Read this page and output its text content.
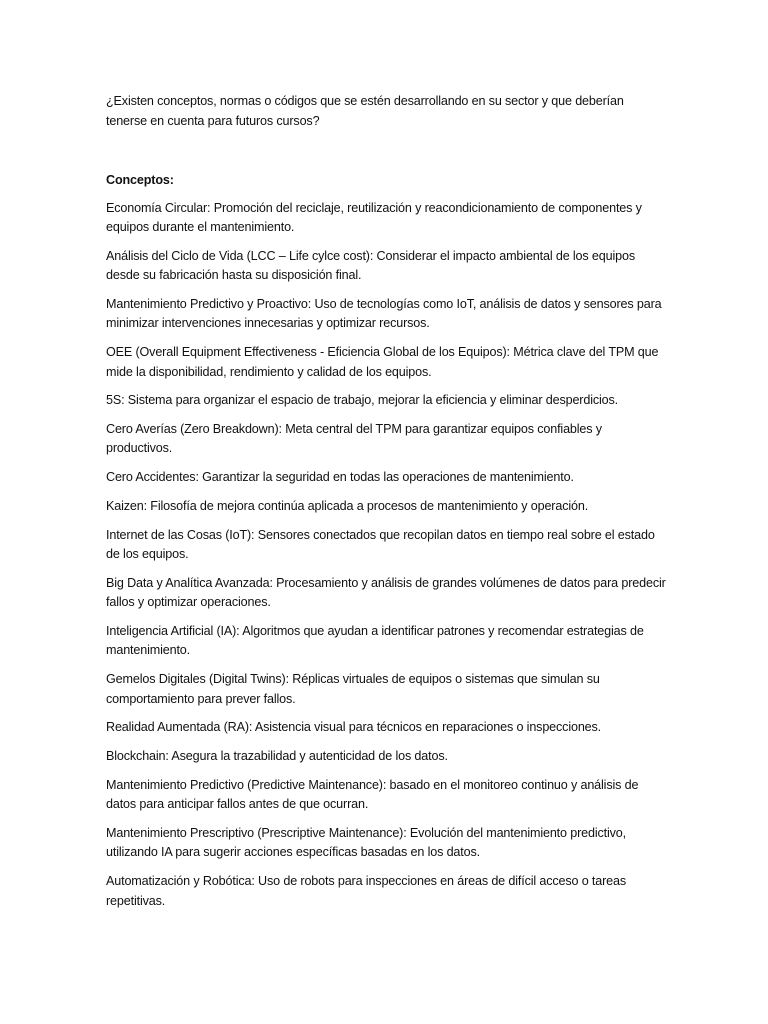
¿Existen conceptos, normas o códigos que se estén desarrollando en su sector y que deberían tenerse en cuenta para futuros cursos?

Conceptos:

Economía Circular: Promoción del reciclaje, reutilización y reacondicionamiento de componentes y equipos durante el mantenimiento.

Análisis del Ciclo de Vida (LCC – Life cylce cost): Considerar el impacto ambiental de los equipos desde su fabricación hasta su disposición final.

Mantenimiento Predictivo y Proactivo: Uso de tecnologías como IoT, análisis de datos y sensores para minimizar intervenciones innecesarias y optimizar recursos.

OEE (Overall Equipment Effectiveness - Eficiencia Global de los Equipos): Métrica clave del TPM que mide la disponibilidad, rendimiento y calidad de los equipos.

5S: Sistema para organizar el espacio de trabajo, mejorar la eficiencia y eliminar desperdicios.

Cero Averías (Zero Breakdown): Meta central del TPM para garantizar equipos confiables y productivos.

Cero Accidentes: Garantizar la seguridad en todas las operaciones de mantenimiento.

Kaizen: Filosofía de mejora continúa aplicada a procesos de mantenimiento y operación.

Internet de las Cosas (IoT): Sensores conectados que recopilan datos en tiempo real sobre el estado de los equipos.

Big Data y Analítica Avanzada: Procesamiento y análisis de grandes volúmenes de datos para predecir fallos y optimizar operaciones.

Inteligencia Artificial (IA): Algoritmos que ayudan a identificar patrones y recomendar estrategias de mantenimiento.

Gemelos Digitales (Digital Twins): Réplicas virtuales de equipos o sistemas que simulan su comportamiento para prever fallos.

Realidad Aumentada (RA): Asistencia visual para técnicos en reparaciones o inspecciones.

Blockchain: Asegura la trazabilidad y autenticidad de los datos.

Mantenimiento Predictivo (Predictive Maintenance): basado en el monitoreo continuo y análisis de datos para anticipar fallos antes de que ocurran.

Mantenimiento Prescriptivo (Prescriptive Maintenance): Evolución del mantenimiento predictivo, utilizando IA para sugerir acciones específicas basadas en los datos.

Automatización y Robótica: Uso de robots para inspecciones en áreas de difícil acceso o tareas repetitivas.
